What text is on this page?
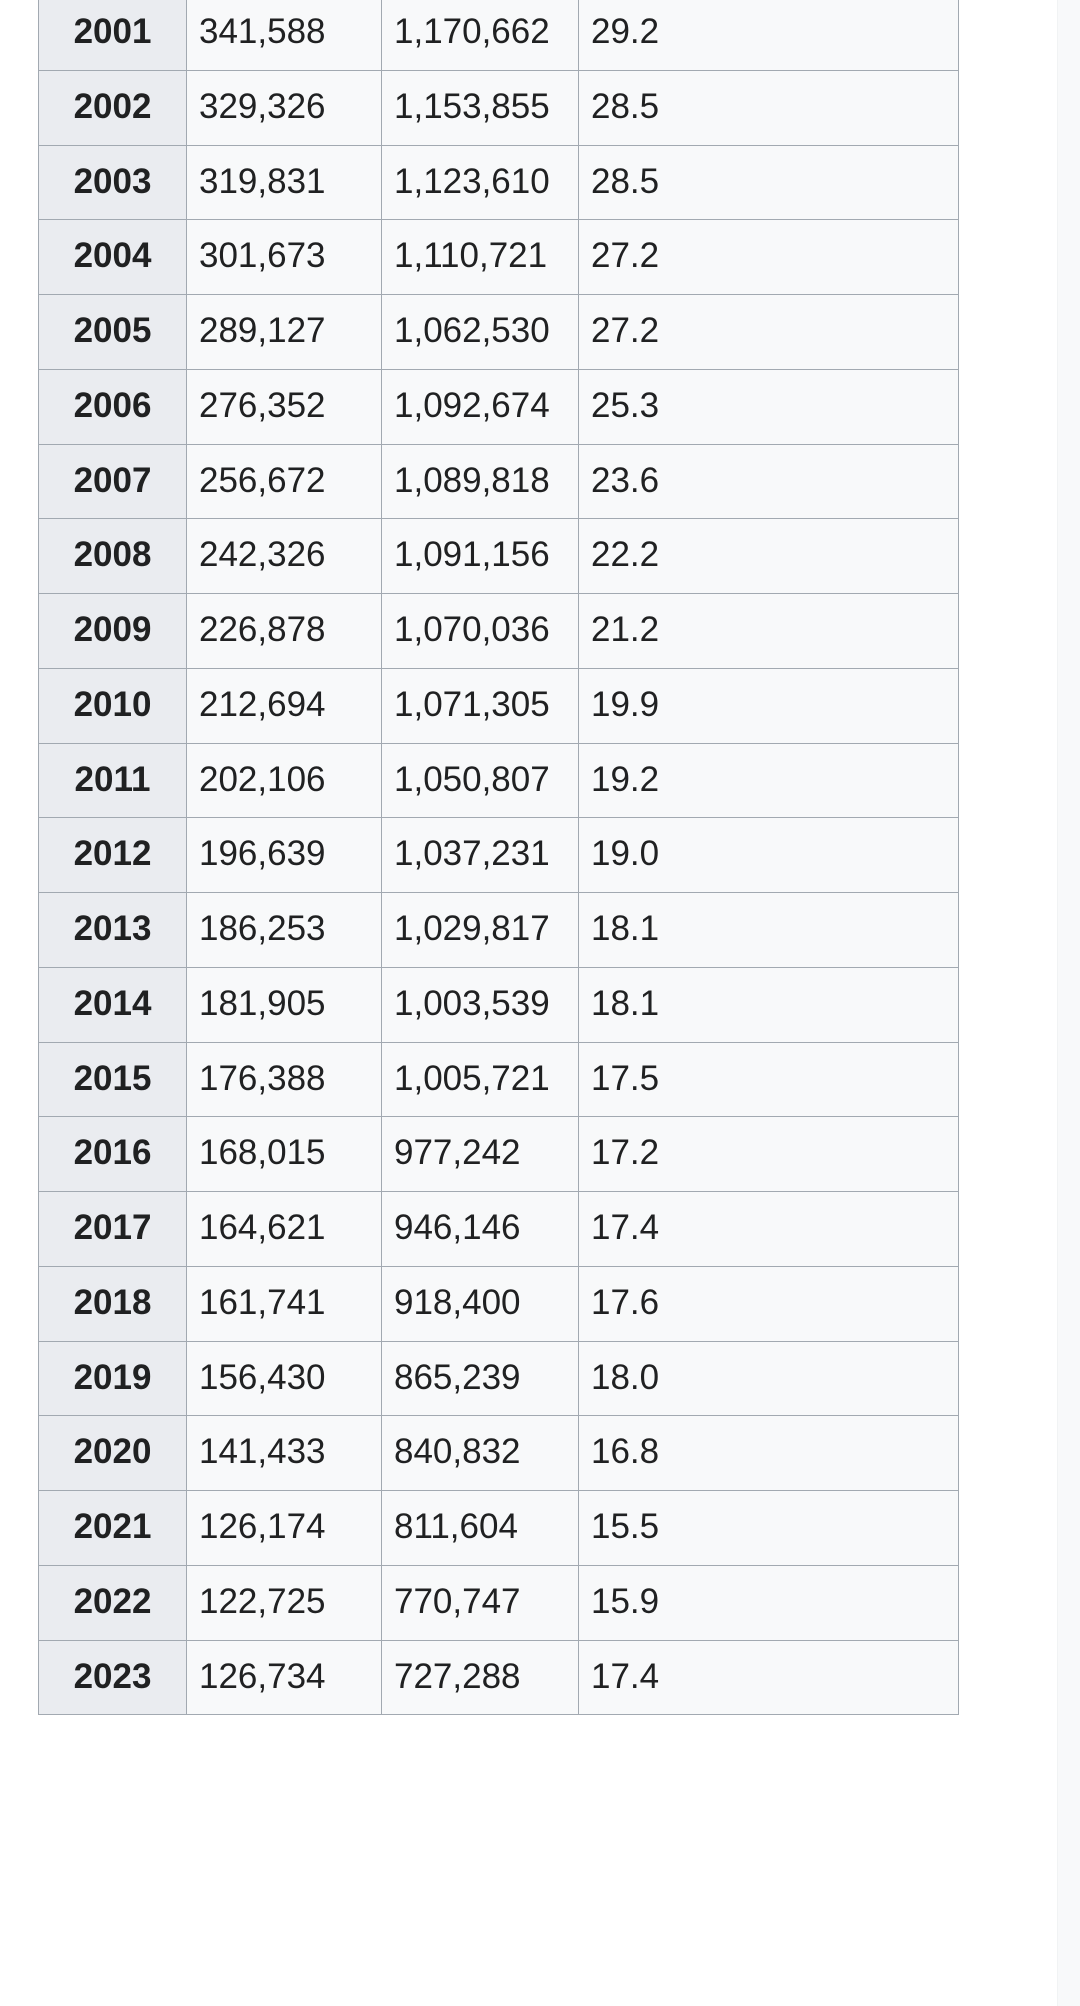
2001	341,588	1,170,662	29.2
2002	329,326	1,153,855	28.5
2003	319,831	1,123,610	28.5
2004	301,673	1,110,721	27.2
2005	289,127	1,062,530	27.2
2006	276,352	1,092,674	25.3
2007	256,672	1,089,818	23.6
2008	242,326	1,091,156	22.2
2009	226,878	1,070,036	21.2
2010	212,694	1,071,305	19.9
2011	202,106	1,050,807	19.2
2012	196,639	1,037,231	19.0
2013	186,253	1,029,817	18.1
2014	181,905	1,003,539	18.1
2015	176,388	1,005,721	17.5
2016	168,015	977,242	17.2
2017	164,621	946,146	17.4
2018	161,741	918,400	17.6
2019	156,430	865,239	18.0
2020	141,433	840,832	16.8
2021	126,174	811,604	15.5
2022	122,725	770,747	15.9
2023	126,734	727,288	17.4
